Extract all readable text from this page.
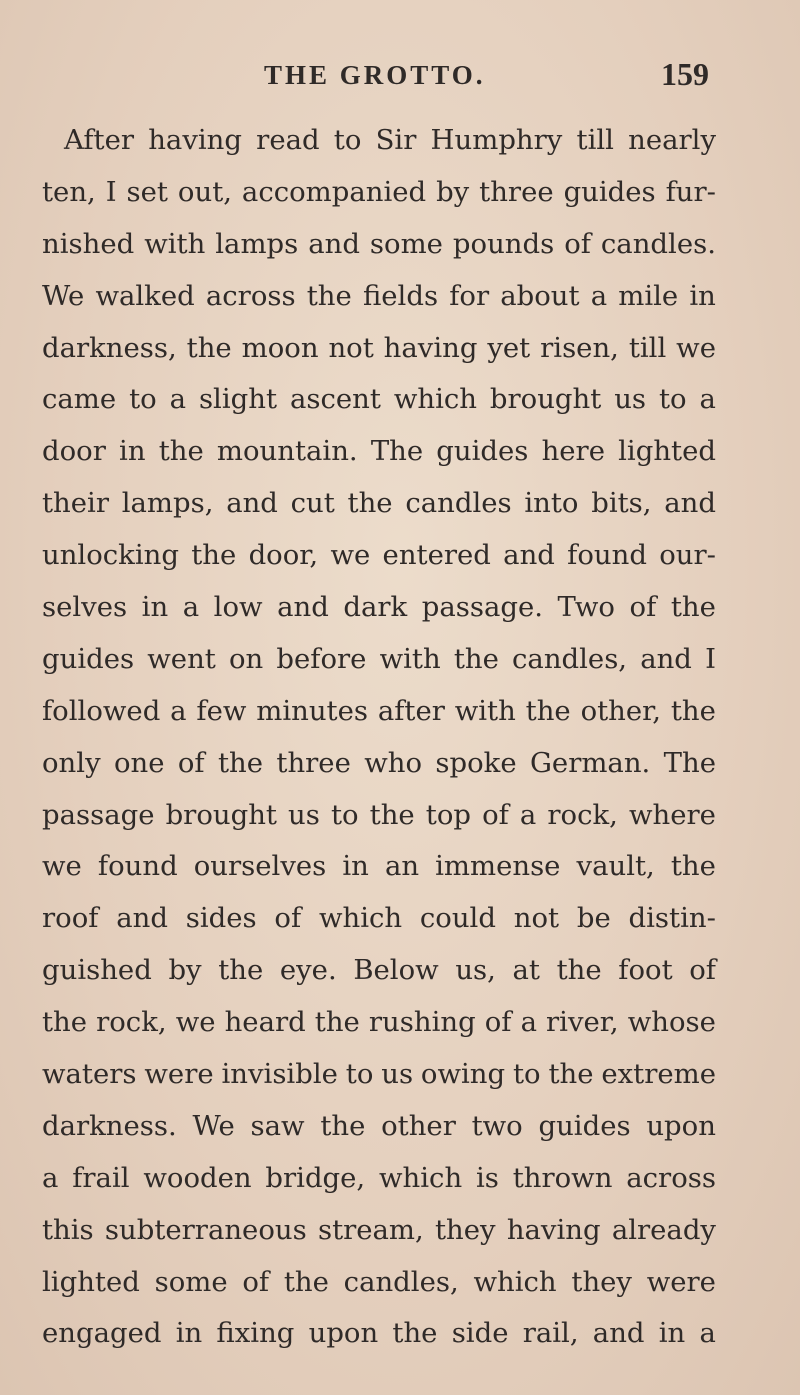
THE GROTTO.	159
After having read to Sir Humphry till nearly
ten, I set out, accompanied by three guides fur-
nished with lamps and some pounds of candles.
We walked across the fields for about a mile in
darkness, the moon not having yet risen, till we
came to a slight ascent which brought us to a
door in the mountain. The guides here lighted
their lamps, and cut the candles into bits, and
unlocking the door, we entered and found our-
selves in a low and dark passage. Two of the
guides went on before with the candles, and I
followed a few minutes after with the other, the
only one of the three who spoke German. The
passage brought us to the top of a rock, where
we found ourselves in an immense vault, the
roof and sides of which could not be distin-
guished by the eye. Below us, at the foot of
the rock, we heard the rushing of a river, whose
waters were invisible to us owing to the extreme
darkness. We saw the other two guides upon
a frail wooden bridge, which is thrown across
this subterraneous stream, they having already
lighted some of the candles, which they were
engaged in fixing upon the side rail, and in a
